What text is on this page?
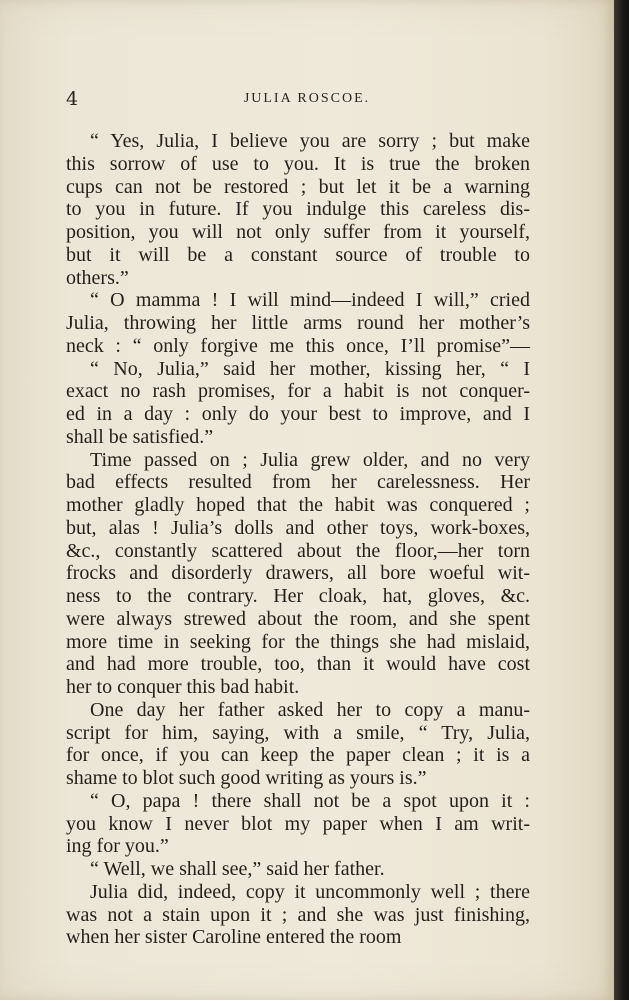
4	JULIA ROSCOE.
“ Yes, Julia, I believe you are sorry ; but make
this sorrow of use to you. It is true the broken
cups can not be restored ; but let it be a warning
to you in future. If you indulge this careless dis-
position, you will not only suffer from it yourself,
but it will be a constant source of trouble to
others.”
“ O mamma ! I will mind—indeed I will,” cried
Julia, throwing her little arms round her mother’s
neck : “ only forgive me this once, I’ll promise”—
“ No, Julia,” said her mother, kissing her, “ I
exact no rash promises, for a habit is not conquer-
ed in a day : only do your best to improve, and I
shall be satisfied.”
Time passed on ; Julia grew older, and no very
bad effects resulted from her carelessness. Her
mother gladly hoped that the habit was conquered ;
but, alas ! Julia’s dolls and other toys, work-boxes,
&c., constantly scattered about the floor,—her torn
frocks and disorderly drawers, all bore woeful wit-
ness to the contrary. Her cloak, hat, gloves, &c.
were always strewed about the room, and she spent
more time in seeking for the things she had mislaid,
and had more trouble, too, than it would have cost
her to conquer this bad habit.
One day her father asked her to copy a manu-
script for him, saying, with a smile, “ Try, Julia,
for once, if you can keep the paper clean ; it is a
shame to blot such good writing as yours is.”
“ O, papa ! there shall not be a spot upon it :
you know I never blot my paper when I am writ-
ing for you.”
“ Well, we shall see,” said her father.
Julia did, indeed, copy it uncommonly well ; there
was not a stain upon it ; and she was just finishing,
when her sister Caroline entered the room
